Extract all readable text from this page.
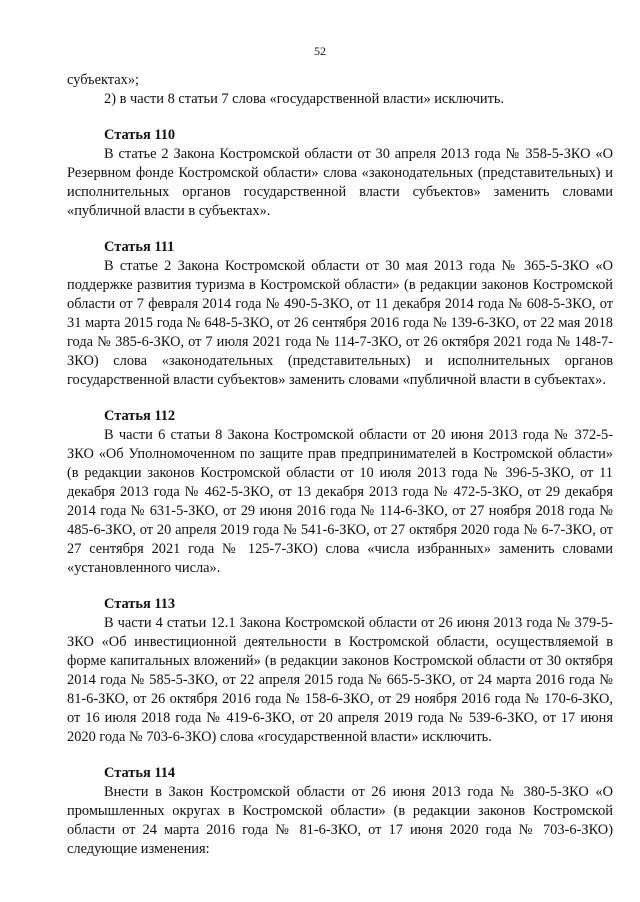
52

субъектах»;

2) в части 8 статьи 7 слова «государственной власти» исключить.

Статья 110

В статье 2 Закона Костромской области от 30 апреля 2013 года № 358-5-ЗКО «О Резервном фонде Костромской области» слова «законодательных (представительных) и исполнительных органов государственной власти субъектов» заменить словами «публичной власти в субъектах».

Статья 111

В статье 2 Закона Костромской области от 30 мая 2013 года № 365-5-ЗКО «О поддержке развития туризма в Костромской области» (в редакции законов Костромской области от 7 февраля 2014 года № 490-5-ЗКО, от 11 декабря 2014 года № 608-5-ЗКО, от 31 марта 2015 года № 648-5-ЗКО, от 26 сентября 2016 года № 139-6-ЗКО, от 22 мая 2018 года № 385-6-ЗКО, от 7 июля 2021 года № 114-7-ЗКО, от 26 октября 2021 года № 148-7-ЗКО) слова «законодательных (представительных) и исполнительных органов государственной власти субъектов» заменить словами «публичной власти в субъектах».

Статья 112

В части 6 статьи 8 Закона Костромской области от 20 июня 2013 года № 372-5-ЗКО «Об Уполномоченном по защите прав предпринимателей в Костромской области» (в редакции законов Костромской области от 10 июля 2013 года № 396-5-ЗКО, от 11 декабря 2013 года № 462-5-ЗКО, от 13 декабря 2013 года № 472-5-ЗКО, от 29 декабря 2014 года № 631-5-ЗКО, от 29 июня 2016 года № 114-6-ЗКО, от 27 ноября 2018 года № 485-6-ЗКО, от 20 апреля 2019 года № 541-6-ЗКО, от 27 октября 2020 года № 6-7-ЗКО, от 27 сентября 2021 года № 125-7-ЗКО) слова «числа избранных» заменить словами «установленного числа».

Статья 113

В части 4 статьи 12.1 Закона Костромской области от 26 июня 2013 года № 379-5-ЗКО «Об инвестиционной деятельности в Костромской области, осуществляемой в форме капитальных вложений» (в редакции законов Костромской области от 30 октября 2014 года № 585-5-ЗКО, от 22 апреля 2015 года № 665-5-ЗКО, от 24 марта 2016 года № 81-6-ЗКО, от 26 октября 2016 года № 158-6-ЗКО, от 29 ноября 2016 года № 170-6-ЗКО, от 16 июля 2018 года № 419-6-ЗКО, от 20 апреля 2019 года № 539-6-ЗКО, от 17 июня 2020 года № 703-6-ЗКО) слова «государственной власти» исключить.

Статья 114

Внести в Закон Костромской области от 26 июня 2013 года № 380-5-ЗКО «О промышленных округах в Костромской области» (в редакции законов Костромской области от 24 марта 2016 года № 81-6-ЗКО, от 17 июня 2020 года № 703-6-ЗКО) следующие изменения:
